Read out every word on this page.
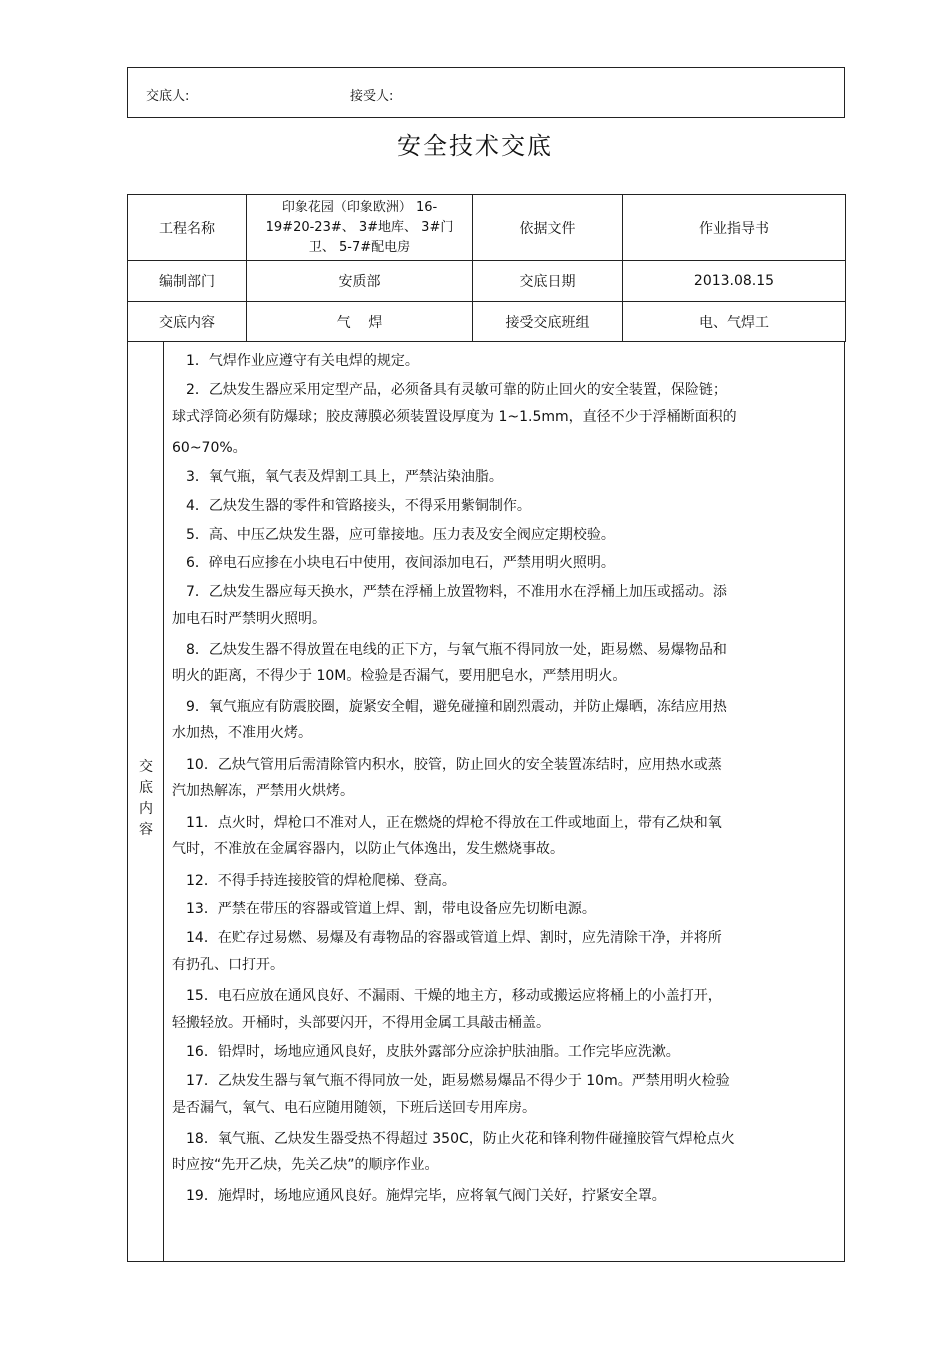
交底人:	接受人:
安全技术交底
工程名称	印象花园（印象欧洲） 16-
19#20-23#、 3#地库、 3#门
卫、 5-7#配电房	依据文件	作业指导书
编制部门	安质部	交底日期	2013.08.15
交底内容	气    焊	接受交底班组	电、气焊工
交
底
内
容
　1．气焊作业应遵守有关电焊的规定。
　2．乙炔发生器应采用定型产品，必须备具有灵敏可靠的防止回火的安全装置，保险链；
球式浮筒必须有防爆球；胶皮薄膜必须装置设厚度为 1~1.5mm，直径不少于浮桶断面积的
60~70%。
　3．氧气瓶，氧气表及焊割工具上，严禁沾染油脂。
　4．乙炔发生器的零件和管路接头，不得采用紫铜制作。
　5．高、中压乙炔发生器，应可靠接地。压力表及安全阀应定期校验。
　6．碎电石应掺在小块电石中使用，夜间添加电石，严禁用明火照明。
　7．乙炔发生器应每天换水，严禁在浮桶上放置物料，不准用水在浮桶上加压或摇动。添
加电石时严禁明火照明。
　8．乙炔发生器不得放置在电线的正下方，与氧气瓶不得同放一处，距易燃、易爆物品和
明火的距离，不得少于 10M。检验是否漏气，要用肥皂水，严禁用明火。
　9．氧气瓶应有防震胶圈，旋紧安全帽，避免碰撞和剧烈震动，并防止爆晒，冻结应用热
水加热，不准用火烤。
　10．乙炔气管用后需清除管内积水，胶管，防止回火的安全装置冻结时，应用热水或蒸
汽加热解冻，严禁用火烘烤。
　11．点火时，焊枪口不准对人，正在燃烧的焊枪不得放在工件或地面上，带有乙炔和氧
气时，不准放在金属容器内，以防止气体逸出，发生燃烧事故。
　12．不得手持连接胶管的焊枪爬梯、登高。
　13．严禁在带压的容器或管道上焊、割，带电设备应先切断电源。
　14．在贮存过易燃、易爆及有毒物品的容器或管道上焊、割时，应先清除干净，并将所
有扔孔、口打开。
　15．电石应放在通风良好、不漏雨、干燥的地主方，移动或搬运应将桶上的小盖打开，
轻搬轻放。开桶时，头部要闪开，不得用金属工具敲击桶盖。
　16．铅焊时，场地应通风良好，皮肤外露部分应涂护肤油脂。工作完毕应洗漱。
　17．乙炔发生器与氧气瓶不得同放一处，距易燃易爆品不得少于 10m。严禁用明火检验
是否漏气，氧气、电石应随用随领，下班后送回专用库房。
　18．氧气瓶、乙炔发生器受热不得超过 350C，防止火花和锋利物件碰撞胶管气焊枪点火
时应按“先开乙炔，先关乙炔”的顺序作业。
　19．施焊时，场地应通风良好。施焊完毕，应将氧气阀门关好，拧紧安全罩。
